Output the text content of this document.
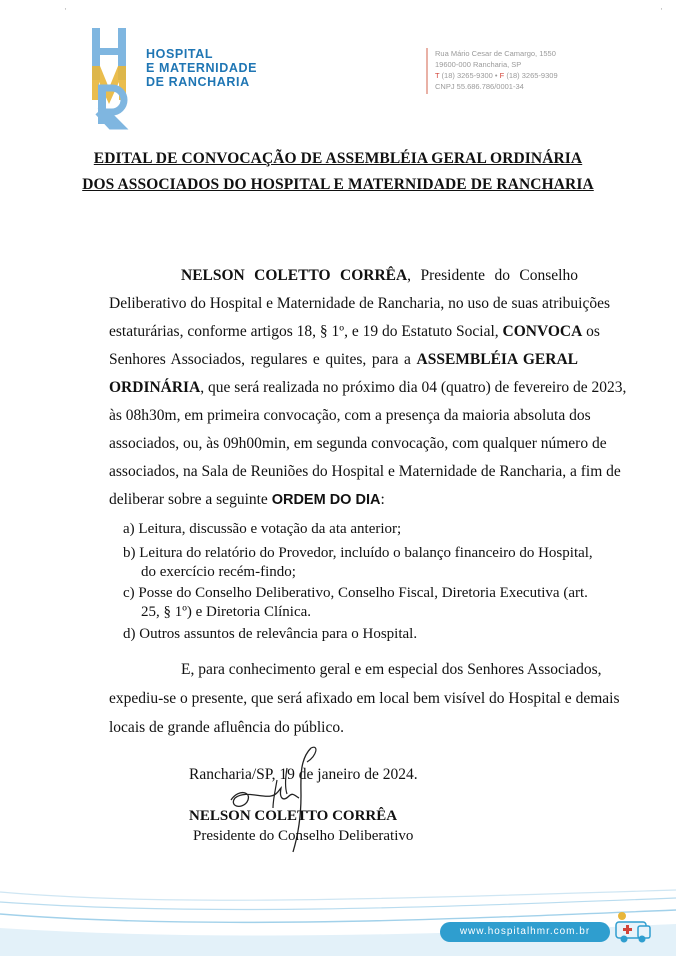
·	·
HOSPITAL
E MATERNIDADE
DE RANCHARIA
Rua Mário Cesar de Camargo, 1550
19600-000 Rancharia, SP
T (18) 3265-9300 • F (18) 3265-9309
CNPJ 55.686.786/0001-34
EDITAL DE CONVOCAÇÃO DE ASSEMBLÉIA GERAL ORDINÁRIA
DOS ASSOCIADOS DO HOSPITAL E MATERNIDADE DE RANCHARIA
NELSON COLETTO CORRÊA, Presidente do Conselho
Deliberativo do Hospital e Maternidade de Rancharia, no uso de suas atribuições
estaturárias, conforme artigos 18, § 1º, e 19 do Estatuto Social, CONVOCA os
Senhores Associados, regulares e quites, para a ASSEMBLÉIA GERAL
ORDINÁRIA, que será realizada no próximo dia 04 (quatro) de fevereiro de 2023,
às 08h30m, em primeira convocação, com a presença da maioria absoluta dos
associados, ou, às 09h00min, em segunda convocação, com qualquer número de
associados, na Sala de Reuniões do Hospital e Maternidade de Rancharia, a fim de
deliberar sobre a seguinte ORDEM DO DIA:
a) Leitura, discussão e votação da ata anterior;
b) Leitura do relatório do Provedor, incluído o balanço financeiro do Hospital,
do exercício recém-findo;
c) Posse do Conselho Deliberativo, Conselho Fiscal, Diretoria Executiva (art.
25, § 1º) e Diretoria Clínica.
d) Outros assuntos de relevância para o Hospital.
E, para conhecimento geral e em especial dos Senhores Associados,
expediu-se o presente, que será afixado em local bem visível do Hospital e demais
locais de grande afluência do público.
Rancharia/SP, 19 de janeiro de 2024.
NELSON COLETTO CORRÊA
Presidente do Conselho Deliberativo
www.hospitalhmr.com.br
